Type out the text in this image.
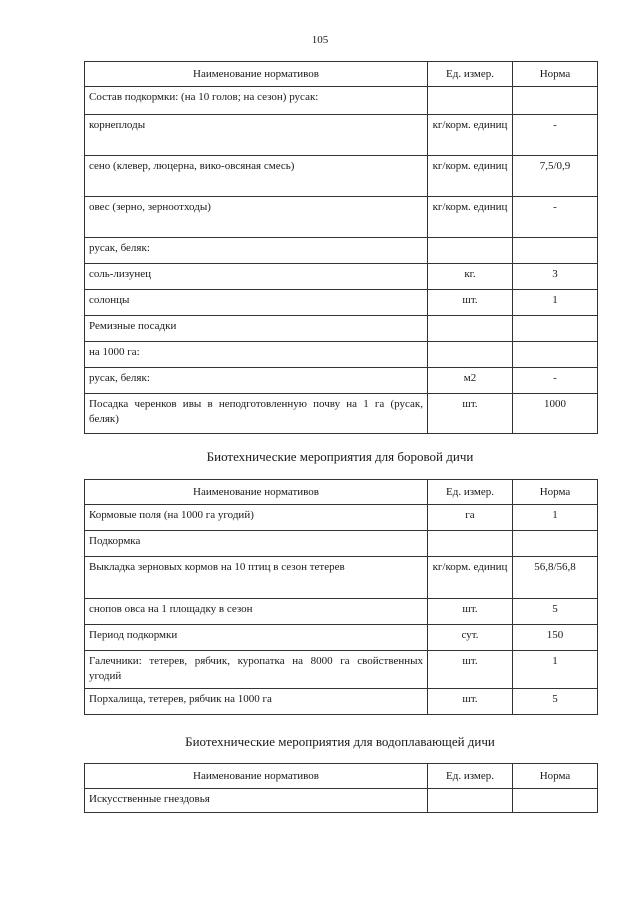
105
Наименование нормативов	Ед. измер.	Норма
Состав подкормки: (на 10 голов; на сезон) русак:		
корнеплоды	кг/корм. единиц	-
сено (клевер, люцерна, вико-овсяная смесь)	кг/корм. единиц	7,5/0,9
овес (зерно, зерноотходы)	кг/корм. единиц	-
русак, беляк:		
соль-лизунец	кг.	3
солонцы	шт.	1
Ремизные посадки		
на 1000 га:		
русак, беляк:	м2	-
Посадка черенков ивы в неподготовленную почву на 1 га (русак, беляк)	шт.	1000
Биотехнические мероприятия для боровой дичи
Наименование нормативов	Ед. измер.	Норма
Кормовые поля (на 1000 га угодий)	га	1
Подкормка		
Выкладка зерновых кормов на 10 птиц в сезон тетерев	кг/корм. единиц	56,8/56,8
снопов овса на 1 площадку в сезон	шт.	5
Период подкормки	сут.	150
Галечники: тетерев, рябчик, куропатка на 8000 га свойственных угодий	шт.	1
Порхалища, тетерев, рябчик на 1000 га	шт.	5
Биотехнические мероприятия для водоплавающей дичи
Наименование нормативов	Ед. измер.	Норма
Искусственные гнездовья		
